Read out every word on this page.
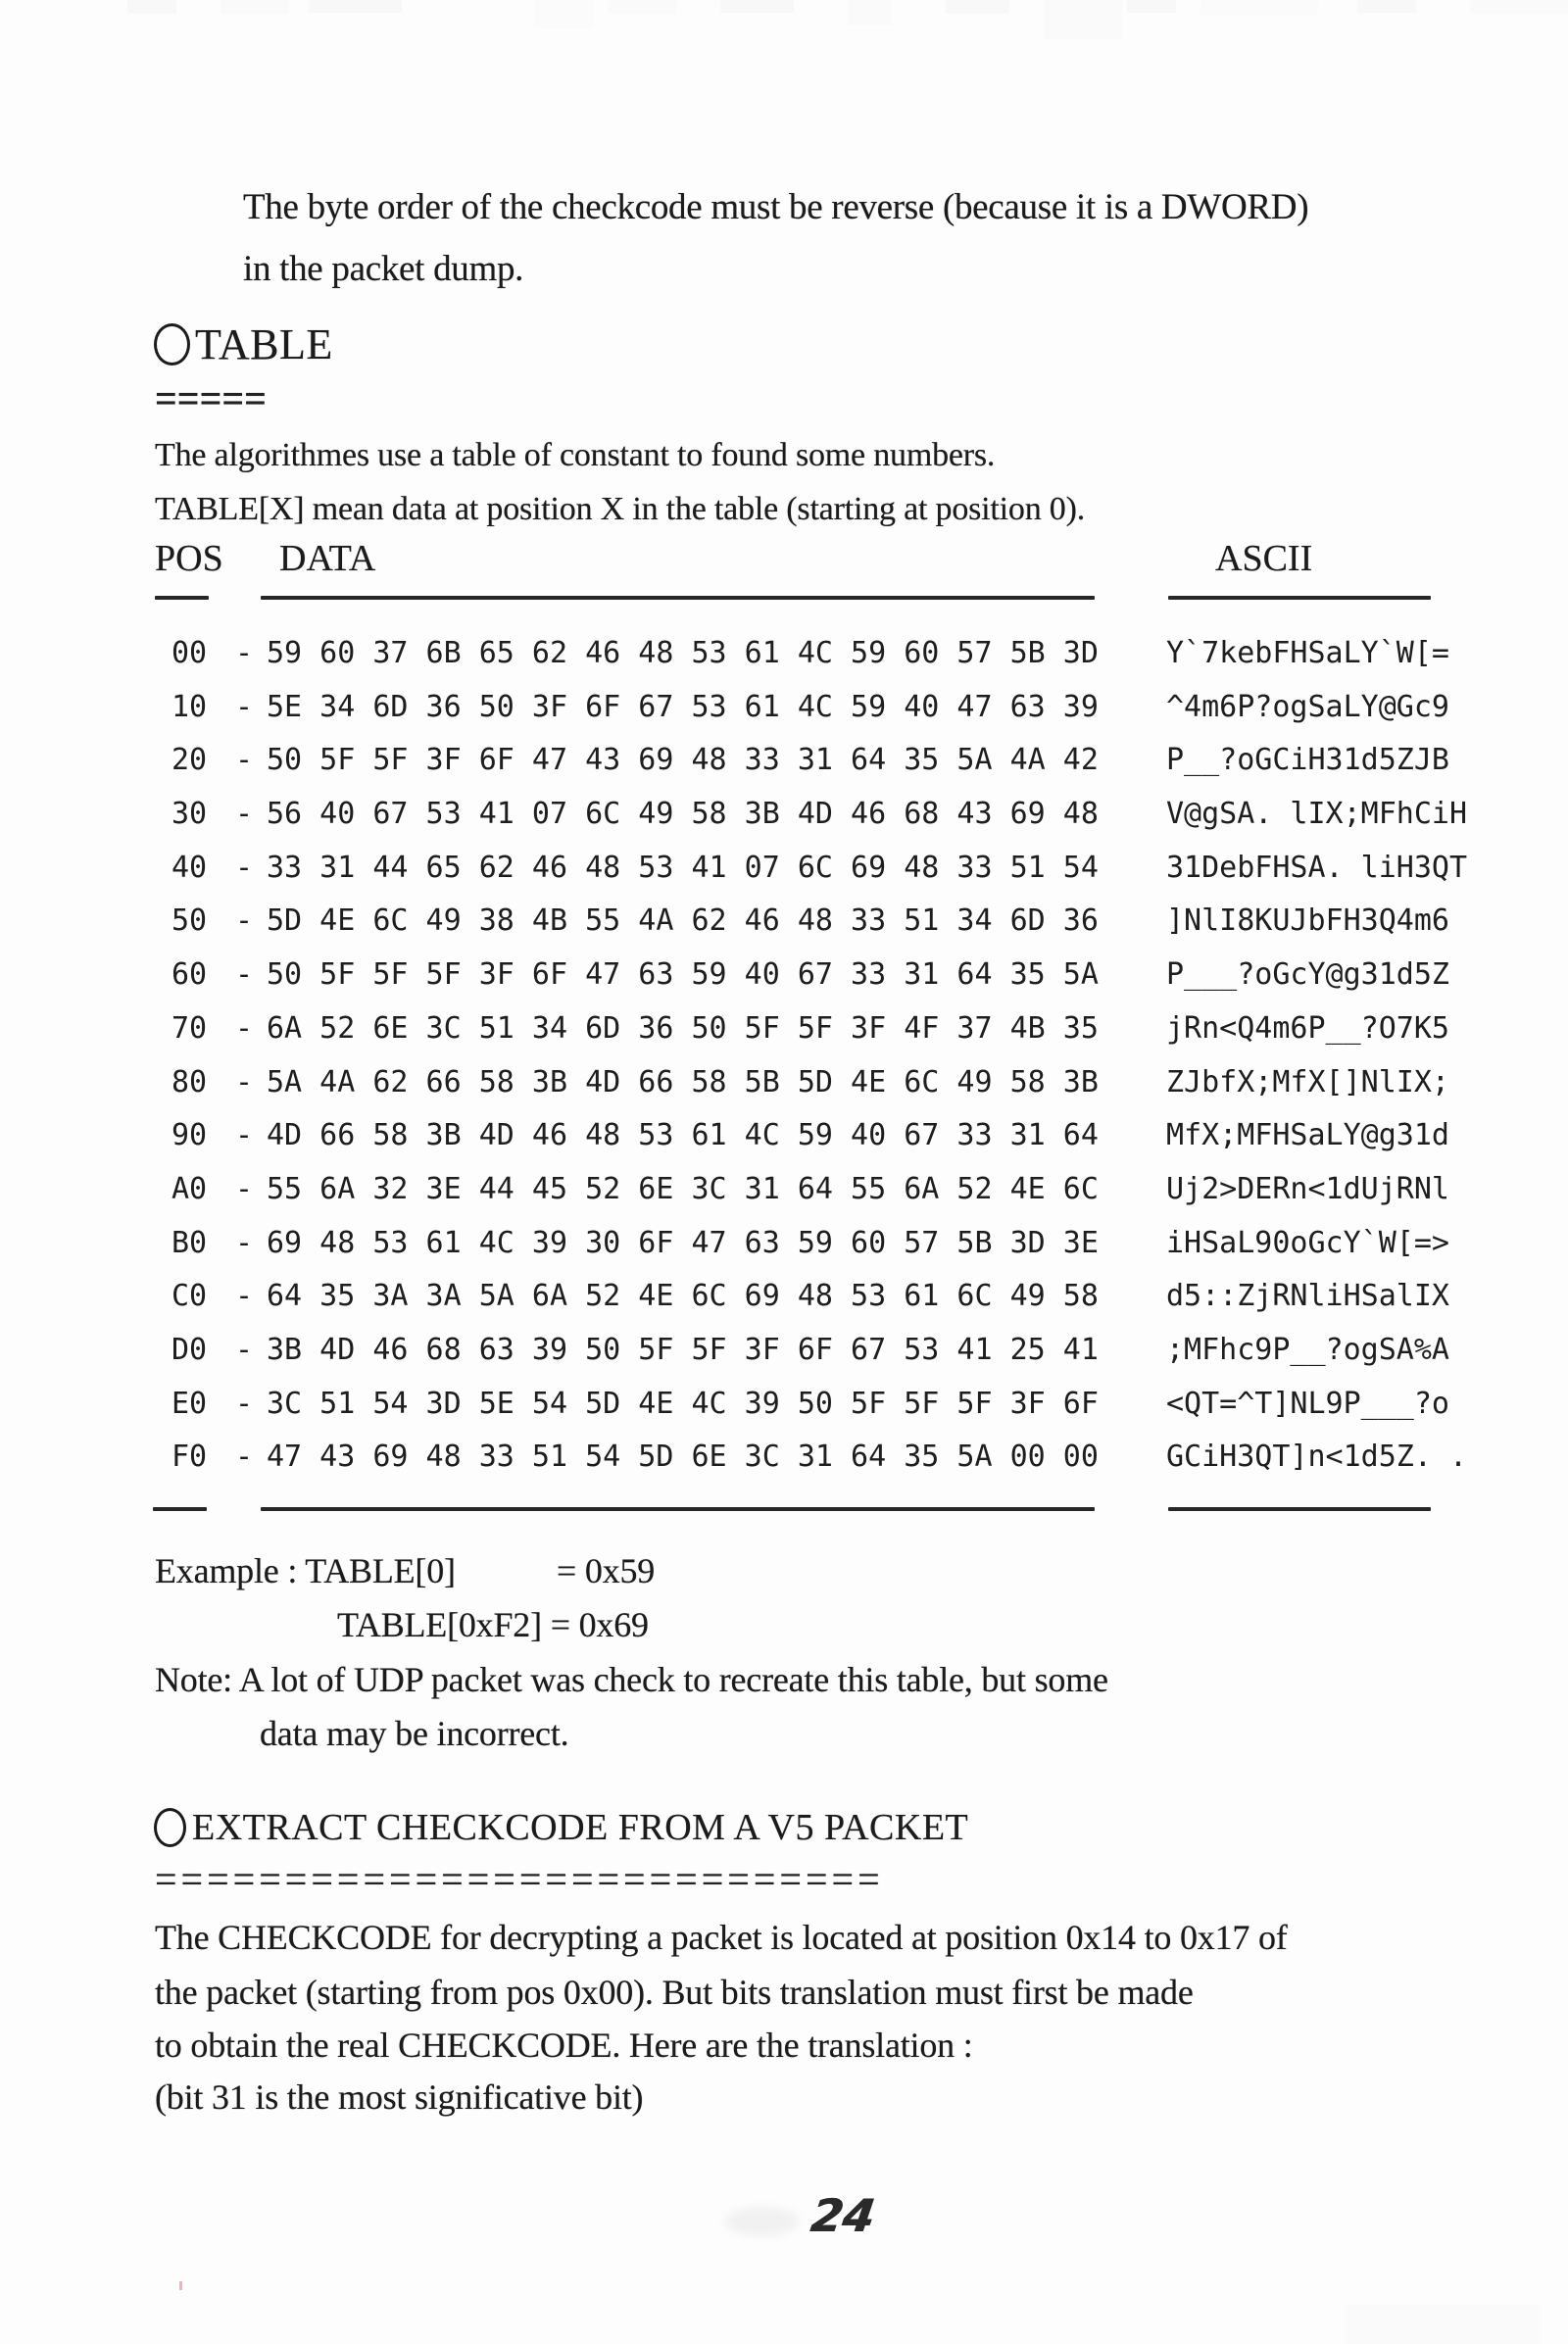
The byte order of the checkcode must be reverse (because it is a DWORD)
in the packet dump.
TABLE
=====
The algorithmes use a table of constant to found some numbers.
TABLE[X] mean data at position X in the table (starting at position 0).
POS DATA	ASCII

00

-

59 60 37 6B 65 62 46 48 53 61 4C 59 60 57 5B 3D

Y`7kebFHSaLY`W[=

10

-

5E 34 6D 36 50 3F 6F 67 53 61 4C 59 40 47 63 39

^4m6P?ogSaLY@Gc9

20

-

50 5F 5F 3F 6F 47 43 69 48 33 31 64 35 5A 4A 42

P__?oGCiH31d5ZJB

30

-

56 40 67 53 41 07 6C 49 58 3B 4D 46 68 43 69 48

V@gSA. lIX;MFhCiH

40

-

33 31 44 65 62 46 48 53 41 07 6C 69 48 33 51 54

31DebFHSA. liH3QT

50

-

5D 4E 6C 49 38 4B 55 4A 62 46 48 33 51 34 6D 36

]NlI8KUJbFH3Q4m6

60

-

50 5F 5F 5F 3F 6F 47 63 59 40 67 33 31 64 35 5A

P___?oGcY@g31d5Z

70

-

6A 52 6E 3C 51 34 6D 36 50 5F 5F 3F 4F 37 4B 35

jRn<Q4m6P__?O7K5

80

-

5A 4A 62 66 58 3B 4D 66 58 5B 5D 4E 6C 49 58 3B

ZJbfX;MfX[]NlIX;

90

-

4D 66 58 3B 4D 46 48 53 61 4C 59 40 67 33 31 64

MfX;MFHSaLY@g31d

A0

-

55 6A 32 3E 44 45 52 6E 3C 31 64 55 6A 52 4E 6C

Uj2>DERn<1dUjRNl

B0

-

69 48 53 61 4C 39 30 6F 47 63 59 60 57 5B 3D 3E

iHSaL90oGcY`W[=>

C0

-

64 35 3A 3A 5A 6A 52 4E 6C 69 48 53 61 6C 49 58

d5::ZjRNliHSalIX

D0

-

3B 4D 46 68 63 39 50 5F 5F 3F 6F 67 53 41 25 41

;MFhc9P__?ogSA%A

E0

-

3C 51 54 3D 5E 54 5D 4E 4C 39 50 5F 5F 5F 3F 6F

<QT=^T]NL9P___?o

F0

-

47 43 69 48 33 51 54 5D 6E 3C 31 64 35 5A 00 00

GCiH3QT]n<1d5Z. .

Example : TABLE[0]	= 0x59
TABLE[0xF2] = 0x69
Note: A lot of UDP packet was check to recreate this table, but some
data may be incorrect.
EXTRACT CHECKCODE FROM A V5 PACKET
============================
The CHECKCODE for decrypting a packet is located at position 0x14 to 0x17 of
the packet (starting from pos 0x00). But bits translation must first be made
to obtain the real CHECKCODE. Here are the translation :
(bit 31 is the most significative bit)
24
